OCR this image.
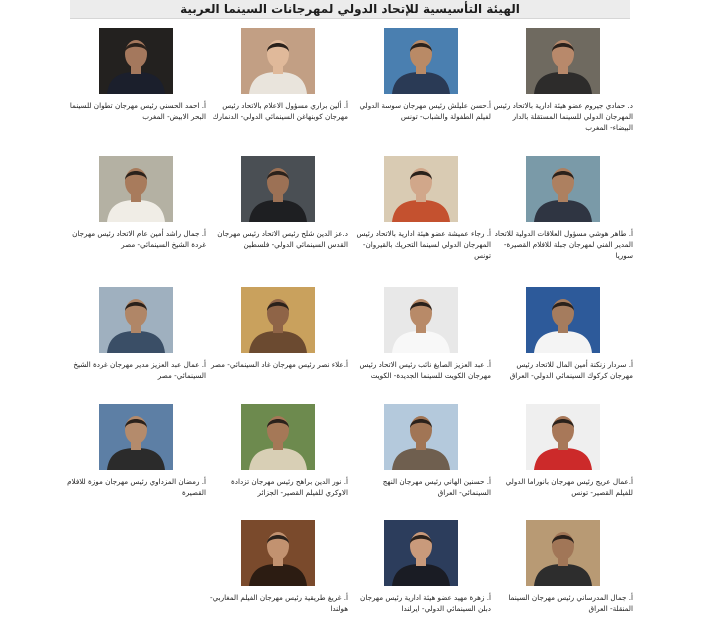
الهيئة التأسيسية للإتحاد الدولي لمهرجانات السينما العربية
د. حمادي جيروم عضو هيئة ادارية بالاتحاد رئيس المهرجان الدولي للسينما المستقلة بالدار البيضاء- المغرب
أ.حسن عليلش رئيس مهرجان سوسة الدولي لفيلم الطفولة والشباب- تونس
أ. ألين براري مسؤول الاعلام بالاتحاد رئيس مهرجان كوبنهاغن السينمائي الدولي- الدنمارك
أ. احمد الحسني رئيس مهرجان تطوان للسينما البحر الابيض- المغرب
أ. طاهر هوشي مسؤول العلاقات الدولية للاتحاد المدير الفني لمهرجان جبلة للافلام القصيرة- سوريا
أ. رجاء عميشة عضو هيئة ادارية بالاتحاد رئيس المهرجان الدولي لسينما التحريك بالقيروان- تونس
د.عز الدين شلح رئيس الاتحاد رئيس مهرجان القدس السينمائي الدولي- فلسطين
أ. جمال راشد أمين عام الاتحاد رئيس مهرجان غردة الشيخ السينمائي- مصر
أ. سردار زنكنة أمين المال للاتحاد رئيس مهرجان كركوك السينمائي الدولي- العراق
أ. عبد العزيز الصايغ نائب رئيس الاتحاد رئيس مهرجان الكويت للسينما الجديدة- الكويت
أ.علاء نصر رئيس مهرجان غاد السينمائي- مصر
أ. عمال عبد العزيز مدير مهرجان غردة الشيخ السينمائي- مصر
أ.عمال عريج رئيس مهرجان بانوراما الدولي للفيلم القصير- تونس
أ. حسنين الهاني رئيس مهرجان النهج السينمائي- العراق
أ. نور الدين براهح رئيس مهرجان تزدادة الاوكري للفيلم القصير- الجزائر
أ. رمضان المزداوي رئيس مهرجان موزة للافلام القصيرة
أ. جمال المدرساني رئيس مهرجان السينما المنقلة- العراق
أ. زهرة مهيد عضو هيئة ادارية رئيس مهرجان دبلن السينمائي الدولي- ايرلندا
أ. غريغ طريقية رئيس مهرجان الفيلم المغاربي- هولندا
